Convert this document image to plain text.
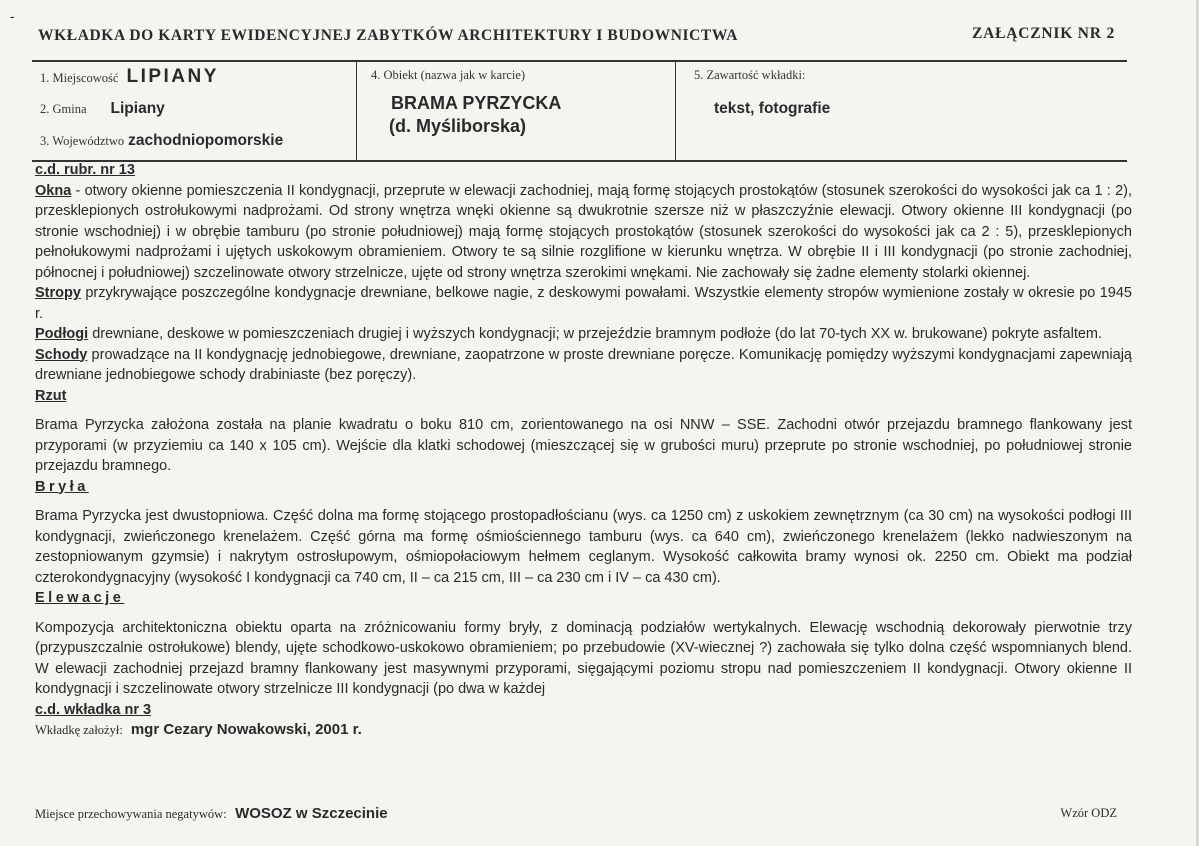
-
WKŁADKA DO KARTY EWIDENCYJNEJ ZABYTKÓW ARCHITEKTURY I BUDOWNICTWA	ZAŁĄCZNIK NR 2
1. Miejscowość LIPIANY
2. Gmina Lipiany
3. Województwo zachodniopomorskie
4. Obiekt (nazwa jak w karcie)
BRAMA PYRZYCKA
(d. Myśliborska)
5. Zawartość wkładki:
tekst, fotografie

c.d. rubr. nr 13

Okna - otwory okienne pomieszczenia II kondygnacji, przeprute w elewacji zachodniej, mają formę stojących prostokątów (stosunek szerokości do wysokości jak ca 1 : 2), przesklepionych ostrołukowymi nadprożami. Od strony wnętrza wnęki okienne są dwukrotnie szersze niż w płaszczyźnie elewacji. Otwory okienne III kondygnacji (po stronie wschodniej) i w obrębie tamburu (po stronie południowej) mają formę stojących prostokątów (stosunek szerokości do wysokości jak ca 2 : 5), przesklepionych pełnołukowymi nadprożami i ujętych uskokowym obramieniem. Otwory te są silnie rozglifione w kierunku wnętrza. W obrębie II i III kondygnacji (po stronie zachodniej, północnej i południowej) szczelinowate otwory strzelnicze, ujęte od strony wnętrza szerokimi wnękami. Nie zachowały się żadne elementy stolarki okiennej.

Stropy przykrywające poszczególne kondygnacje drewniane, belkowe nagie, z deskowymi powałami. Wszystkie elementy stropów wymienione zostały w okresie po 1945 r.

Podłogi drewniane, deskowe w pomieszczeniach drugiej i wyższych kondygnacji; w przejeździe bramnym podłoże (do lat 70-tych XX w. brukowane) pokryte asfaltem.

Schody prowadzące na II kondygnację jednobiegowe, drewniane, zaopatrzone w proste drewniane poręcze. Komunikację pomiędzy wyższymi kondygnacjami zapewniają drewniane jednobiegowe schody drabiniaste (bez poręczy).

Rzut

Brama Pyrzycka założona została na planie kwadratu o boku 810 cm, zorientowanego na osi NNW – SSE. Zachodni otwór przejazdu bramnego flankowany jest przyporami (w przyziemiu ca 140 x 105 cm). Wejście dla klatki schodowej (mieszczącej się w grubości muru) przeprute po stronie wschodniej, po południowej stronie przejazdu bramnego.

Bryła

Brama Pyrzycka jest dwustopniowa. Część dolna ma formę stojącego prostopadłościanu (wys. ca 1250 cm) z uskokiem zewnętrznym (ca 30 cm) na wysokości podłogi III kondygnacji, zwieńczonego krenelażem. Część górna ma formę ośmiościennego tamburu (wys. ca 640 cm), zwieńczonego krenelażem (lekko nadwieszonym na zestopniowanym gzymsie) i nakrytym ostrosłupowym, ośmiopołaciowym hełmem ceglanym. Wysokość całkowita bramy wynosi ok. 2250 cm. Obiekt ma podział czterokondygnacyjny (wysokość I kondygnacji ca 740 cm, II – ca 215 cm, III – ca 230 cm i IV – ca 430 cm).

Elewacje

Kompozycja architektoniczna obiektu oparta na zróżnicowaniu formy bryły, z dominacją podziałów wertykalnych. Elewację wschodnią dekorowały pierwotnie trzy (przypuszczalnie ostrołukowe) blendy, ujęte schodkowo-uskokowo obramieniem; po przebudowie (XV-wiecznej ?) zachowała się tylko dolna część wspomnianych blend. W elewacji zachodniej przejazd bramny flankowany jest masywnymi przyporami, sięgającymi poziomu stropu nad pomieszczeniem II kondygnacji. Otwory okienne II kondygnacji i szczelinowate otwory strzelnicze III kondygnacji (po dwa w każdej

c.d. wkładka nr 3

Wkładkę założył: mgr Cezary Nowakowski, 2001 r.

Miejsce przechowywania negatywów: WOSOZ w Szczecinie	Wzór ODZ
